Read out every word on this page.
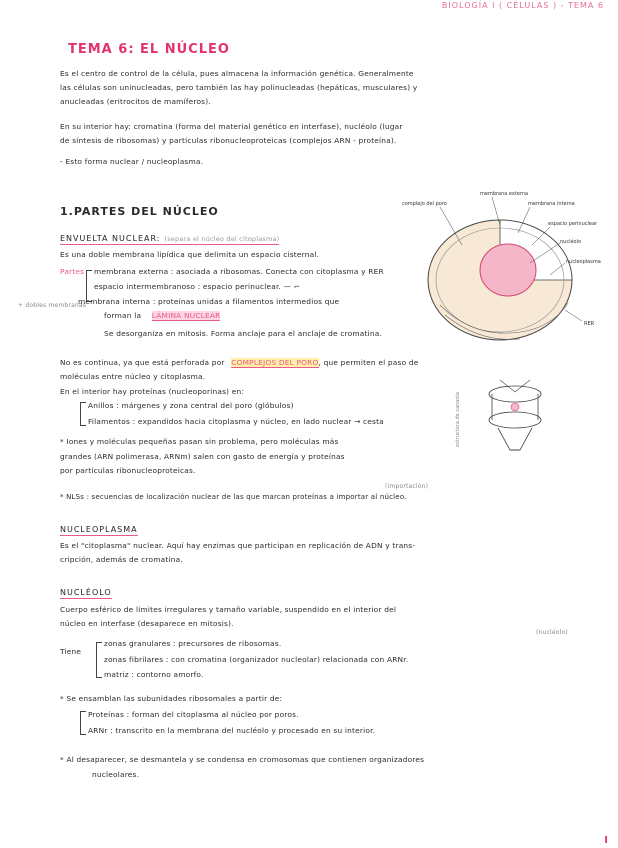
BIOLOGÍA I ( CÉLULAS ) - TEMA 6
TEMA 6: EL NÚCLEO
Es el centro de control de la célula, pues almacena la información genética. Generalmente
las células son uninucleadas, pero también las hay polinucleadas (hepáticas, musculares) y
anucleadas (eritrocitos de mamíferos).
En su interior hay: cromatina (forma del material genético en interfase), nucléolo (lugar
de síntesis de ribosomas) y partículas ribonucleoproteicas (complejos ARN - proteína).
- Esto forma nuclear / nucleoplasma.
1.PARTES DEL NÚCLEO
ENVUELTA NUCLEAR: (separa el núcleo del citoplasma)
Es una doble membrana lipídica que delimita un espacio cisternal.
Partes membrana externa : asociada a ribosomas. Conecta con citoplasma y RER
espacio intermembranoso : espacio perinuclear. — ⌐
+ dobles membranas
membrana interna : proteínas unidas a filamentos intermedios que
forman la LÁMINA NUCLEAR
Se desorganiza en mitosis. Forma anclaje para el anclaje de cromatina.
No es continua, ya que está perforada por COMPLEJOS DEL PORO, que permiten el paso de
moléculas entre núcleo y citoplasma.
En el interior hay proteínas (nucleoporinas) en:
Anillos : márgenes y zona central del poro (glóbulos)
Filamentos : expandidos hacia citoplasma y núcleo, en lado nuclear → cesta
* Iones y moléculas pequeñas pasan sin problema, pero moléculas más
grandes (ARN polimerasa, ARNm) salen con gasto de energía y proteínas
por partículas ribonucleoproteicas.
(importación)
* NLSs : secuencias de localización nuclear de las que marcan proteínas a importar al núcleo.
NUCLEOPLASMA
Es el "citoplasma" nuclear. Aquí hay enzimas que participan en replicación de ADN y trans-
cripción, además de cromatina.
NUCLÉOLO
Cuerpo esférico de límites irregulares y tamaño variable, suspendido en el interior del
núcleo en interfase (desaparece en mitosis).
(nucléolo)
Tiene
zonas granulares : precursores de ribosomas.
zonas fibrilares : con cromatina (organizador nucleolar) relacionada con ARNr.
matriz : contorno amorfo.
* Se ensamblan las subunidades ribosomales a partir de:
Proteínas : forman del citoplasma al núcleo por poros.
ARNr : transcrito en la membrana del nucléolo y procesado en su interior.
* Al desaparecer, se desmantela y se condensa en cromosomas que contienen organizadores
nucleolares.
complejo del poro
membrana externa
membrana interna
espacio perinuclear
nucléolo
nucleoplasma
RER
estructura de canasta
I
